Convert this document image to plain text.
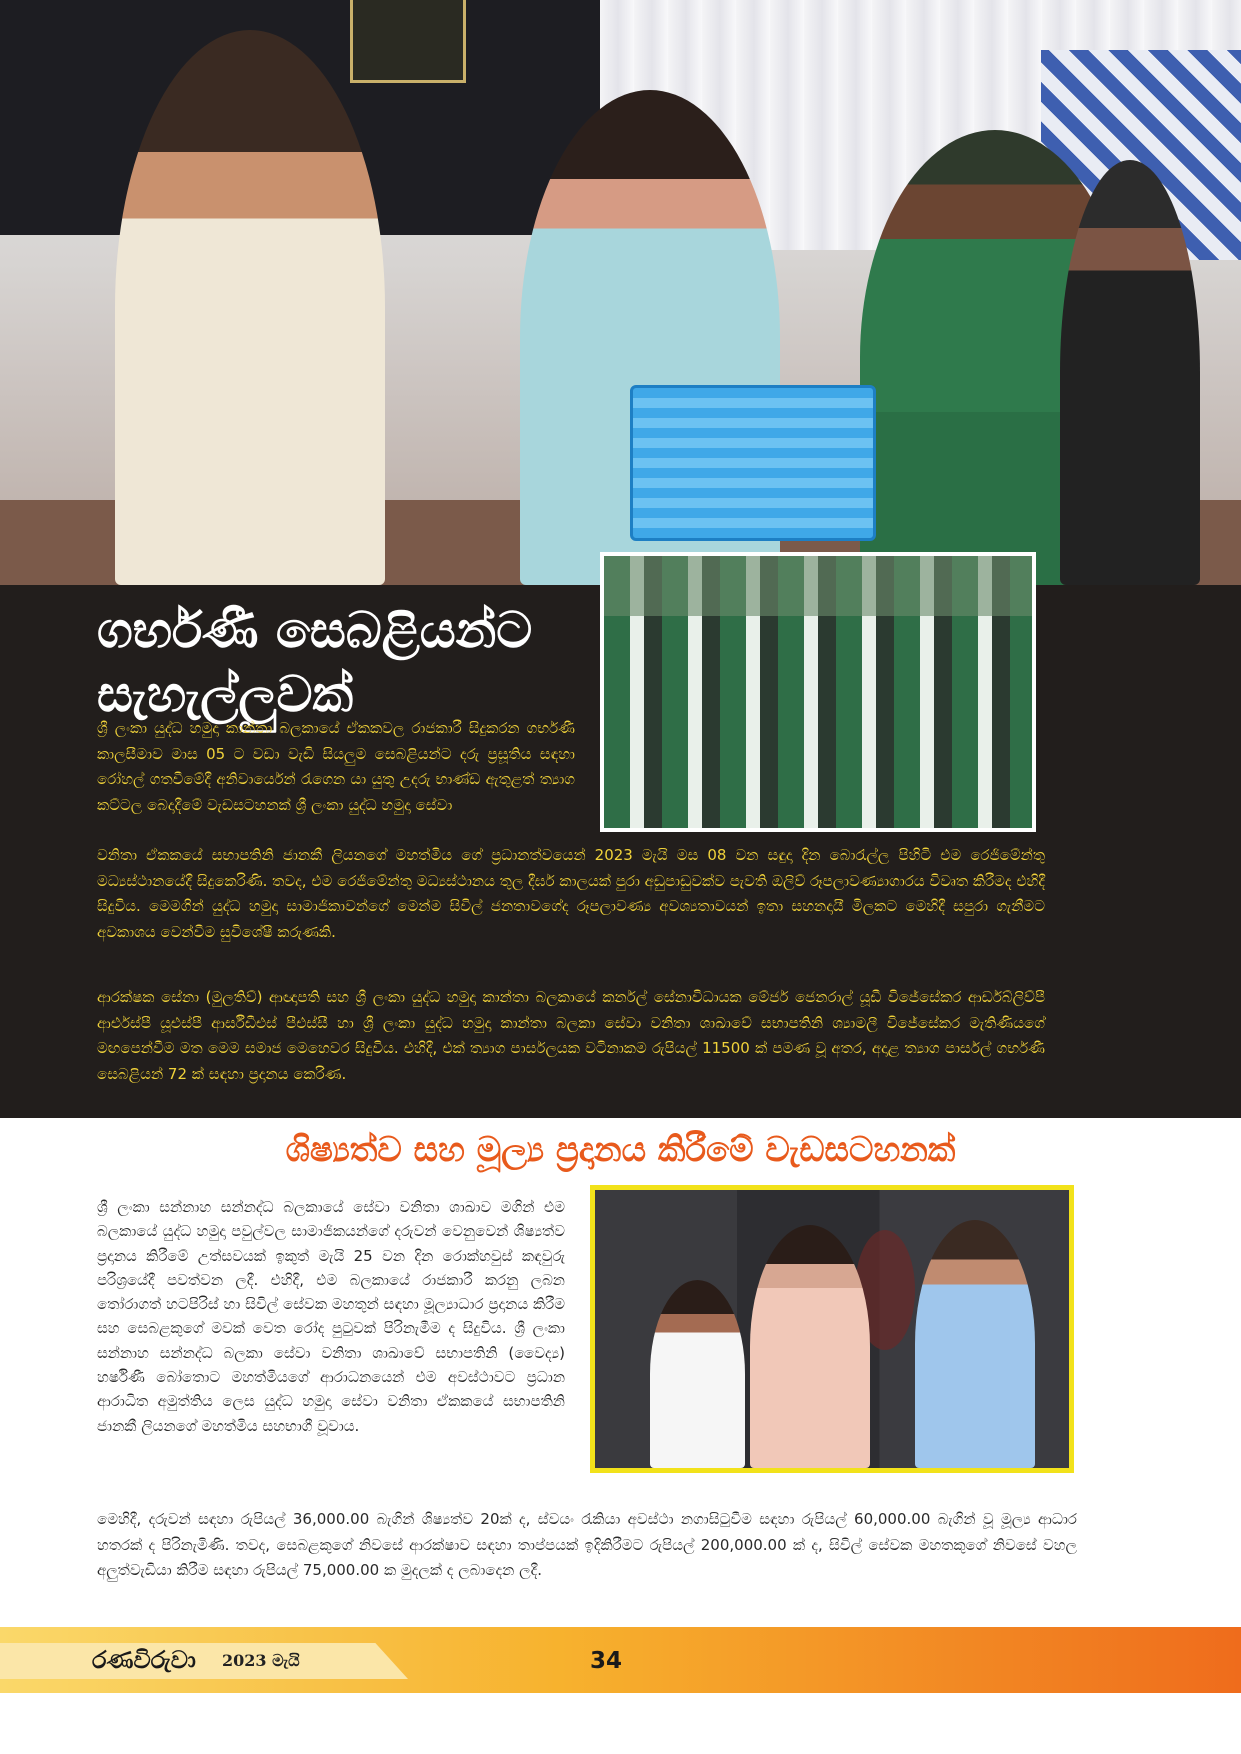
ගර්භණී සෙබළියන්ට සැහැල්ලුවක්

ශ්‍රී ලංකා යුද්ධ හමුදා කාන්තා බලකායේ ඒකකවල රාජකාරී සිදුකරන ගර්භණී කාලසීමාව මාස 05 ට වඩා වැඩි සියලුම සෙබළියන්ට දරු ප්‍රසූතිය සඳහා රෝහල් ගතවීමේදී අනිවාර්යෙන් රැගෙන යා යුතු උදරු භාණ්ඩ ඇතුළත් ත්‍යාග කට්ටල බෙදාදීමේ වැඩසටහනක් ශ්‍රී ලංකා යුද්ධ හමුදා සේවා

වනිතා ඒකකයේ සභාපතිනි ජානකී ලියනගේ මහත්මිය ගේ ප්‍රධානත්වයෙන් 2023 මැයි මස 08 වන සඳුදා දින බොරැල්ල පිහිටි එම රෙජිමේන්තු මධ්‍යස්ථානයේදී සිදුකෙරිණි. තවද, එම රෙජිමේන්තු මධ්‍යස්ථානය තුල දීර්ඝ කාලයක් පුරා අඩුපාඩුවක්ව පැවති ඔලිව් රූපලාවණ්‍යාගාරය විවෘත කිරීමද එහිදී සිදුවිය. මෙමගින් යුද්ධ හමුදා සාමාජිකාවන්ගේ මෙන්ම සිවිල් ජනතාවගේද රූපලාවණ්‍ය අවශ්‍යතාවයන් ඉතා සහනදායී මිලකට මෙහිදී සපුරා ගැනීමට අවකාශය වෙන්වීම සුවිශේෂී කරුණකි.

ආරක්ෂක සේනා (මුලතිව්) ආඥාපති සහ ශ්‍රී ලංකා යුද්ධ හමුදා කාන්තා බලකායේ කර්නල් සේනාවිධායක මේජර් ජෙනරාල් යූඩී විජේසේකර ආර්ඩබ්ලිව්පී ආර්එස්පී යූඑස්පී ආර්සීඩීඑස් පීඑස්සී හා ශ්‍රී ලංකා යුද්ධ හමුදා කාන්තා බලකා සේවා වනිතා ශාඛාවේ සභාපතිනි ශ්‍යාමලී විජේසේකර මැතිණියගේ මඟපෙන්වීම මත මෙම සමාජ මෙහෙවර සිදුවිය. එහිදී, එක් ත්‍යාග පාර්සලයක වටිනාකම රුපියල් 11500 ක් පමණ වූ අතර, අදාළ ත්‍යාග පාර්සල් ගර්භණී සෙබළියන් 72 ක් සඳහා ප්‍රදානය කෙරිණ.

ශිෂ්‍යත්ව සහ මූල්‍ය ප්‍රදානය කිරීමේ වැඩසටහනක්

ශ්‍රී ලංකා සන්නාහ සන්නද්ධ බලකායේ සේවා වනිතා ශාඛාව මගින් එම බලකායේ යුද්ධ හමුදා පවුල්වල සාමාජිකයන්ගේ දරුවන් වෙනුවෙන් ශිෂ්‍යත්ව ප්‍රදානය කිරීමේ උත්සවයක් ඉකුත් මැයි 25 වන දින රොක්හවුස් කඳවුරු පරිශ්‍රයේදී පවත්වන ලදී. එහිදී, එම බලකායේ රාජකාරී කරනු ලබන තෝරාගත් හටපිරිස් හා සිවිල් සේවක මහතුන් සඳහා මූල්‍යාධාර ප්‍රදානය කිරීම සහ සෙබළකුගේ මවක් වෙත රෝද පුටුවක් පිරිනැමීම ද සිදුවිය. ශ්‍රී ලංකා සන්නාහ සන්නද්ධ බලකා සේවා වනිතා ශාඛාවේ සභාපතිනි (වෛද්‍ය) හර්ෂිණී බෝතොට මහත්මියගේ ආරාධනයෙන් එම අවස්ථාවට ප්‍රධාන ආරාධිත අමුත්තිය ලෙස යුද්ධ හමුදා සේවා වනිතා ඒකකයේ සභාපතිනි ජානකී ලියනගේ මහත්මිය සහභාගී වූවාය.

මෙහිදී, දරුවන් සඳහා රුපියල් 36,000.00 බැගින් ශිෂ්‍යත්ව 20ක් ද, ස්වයං රැකියා අවස්ථා නගාසිටුවීම සඳහා රුපියල් 60,000.00 බැගින් වූ මූල්‍ය ආධාර හතරක් ද පිරිනැමිණි. තවද, සෙබළකුගේ නිවසේ ආරක්ෂාව සඳහා තාප්පයක් ඉදිකිරීමට රුපියල් 200,000.00 ක් ද, සිවිල් සේවක මහතකුගේ නිවසේ වහල අලුත්වැඩියා කිරීම සඳහා රුපියල් 75,000.00 ක මුදලක් ද ලබාදෙන ලදී.

රණවිරුවා 2023 මැයි	34
